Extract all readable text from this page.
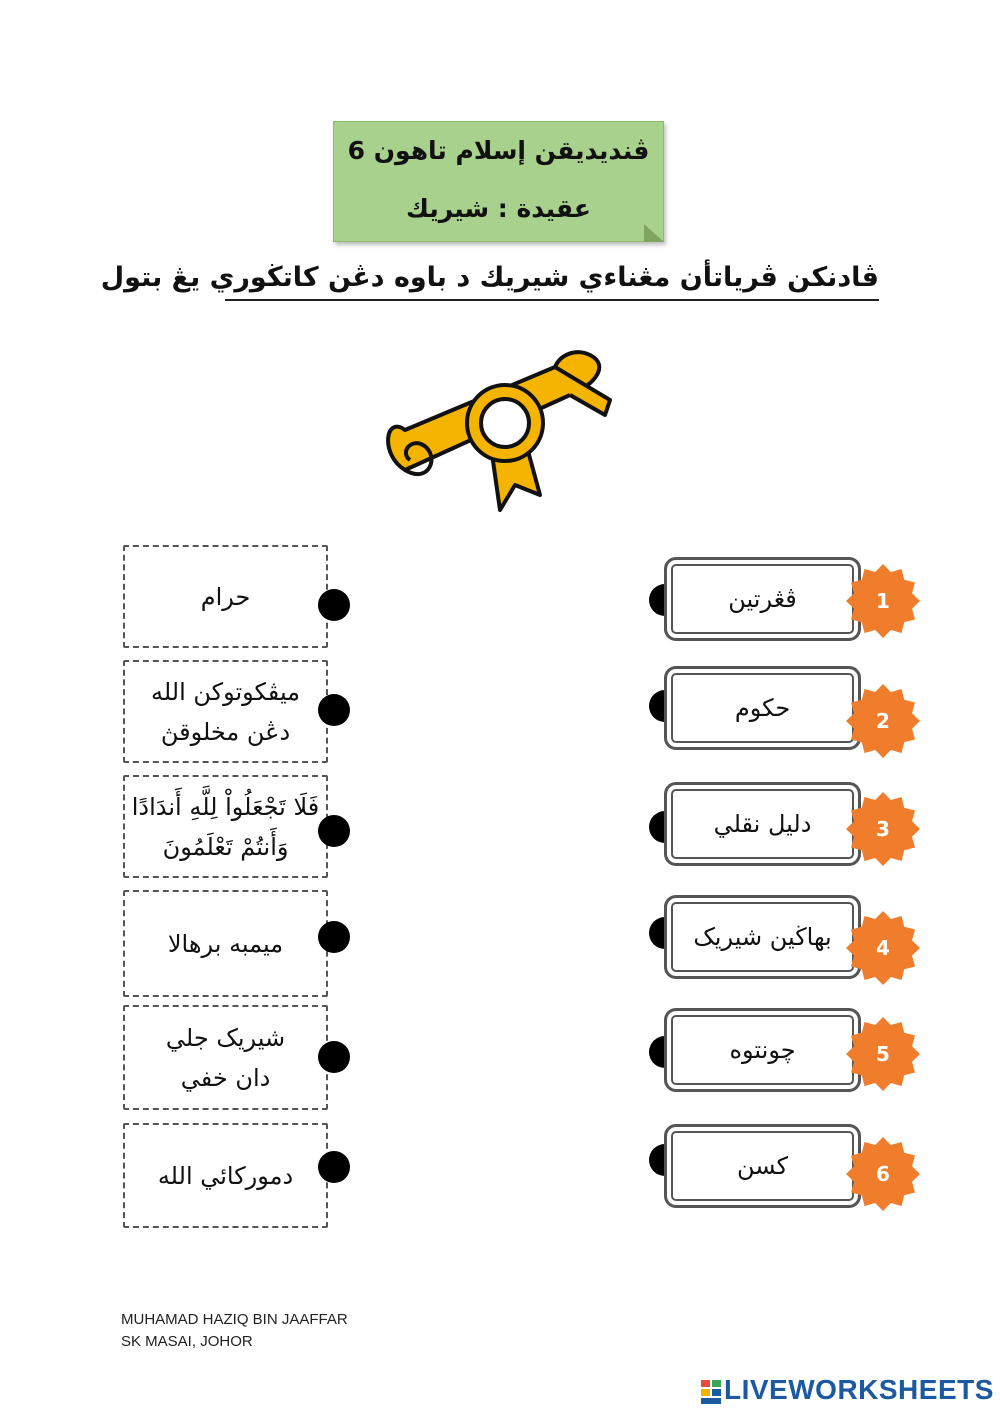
ڤنديديقن إسلام تاهون 6
عقيدة : شيريك
ڤادنكن ڤرياتأن مڠناءي شيريك د باوه دڠن كاتڬوري يڠ بتول
حرام
ميڤكوتوكن الله
دڠن مخلوقڽ
فَلَا تَجْعَلُواْ لِلَّهِ أَندَادًا
وَأَنتُمْ تَعْلَمُونَ
ميمبه برهالا
شيريک جلي
دان خفي
دموركائي الله
ڤڠرتين
حكوم
دليل نقلي
بهاڬين شيريک
چونتوه
كسن
1
2
3
4
5
6
MUHAMAD HAZIQ BIN JAAFFAR
SK MASAI, JOHOR
LIVEWORKSHEETS
